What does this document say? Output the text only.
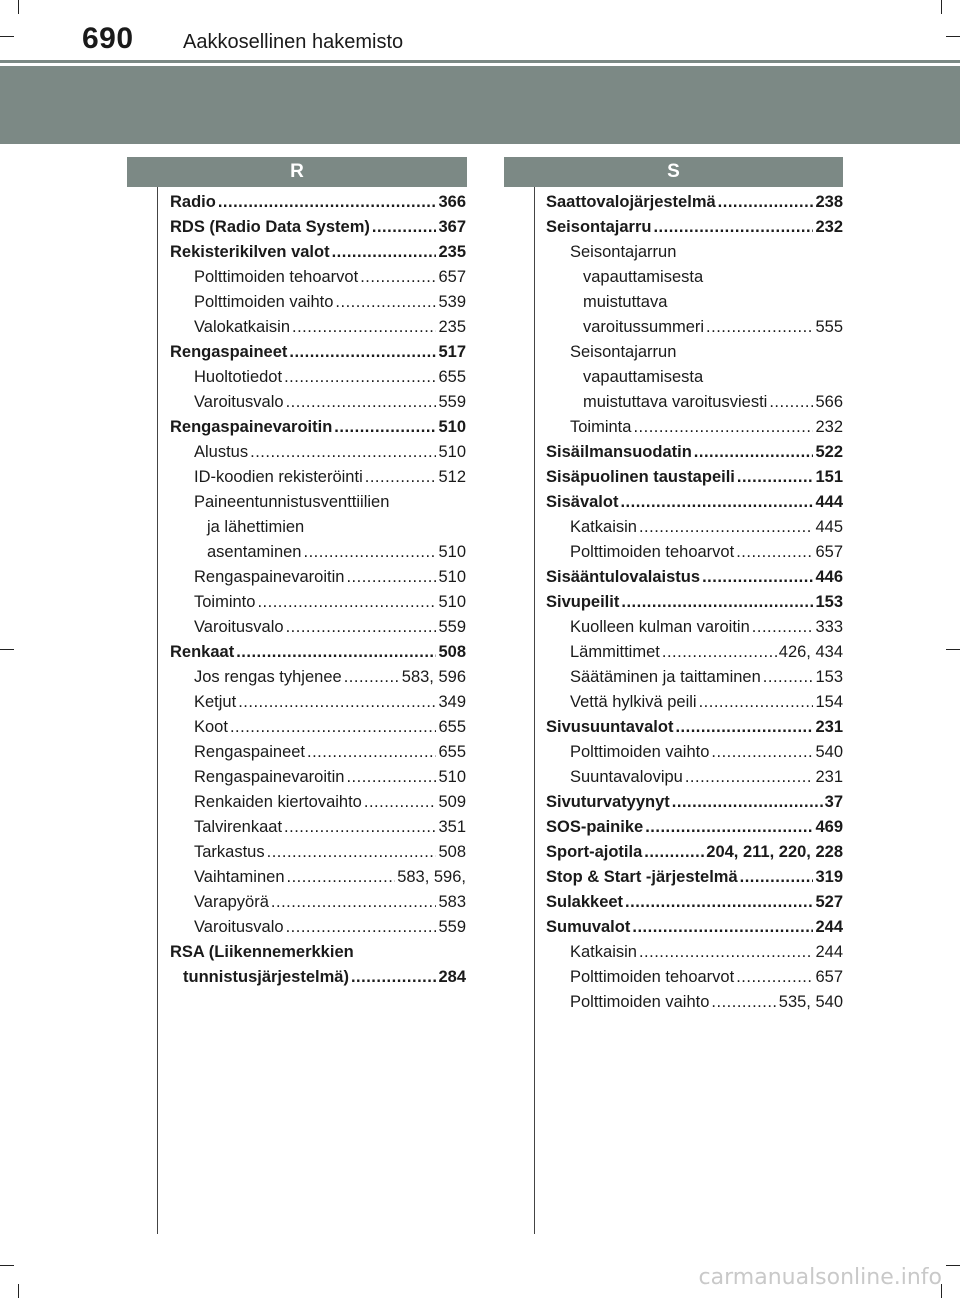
690 Aakkosellinen hakemisto
R	S
Radio .....	366
RDS (Radio Data System) .....	367
Rekisterikilven valot .....	235
Polttimoiden tehoarvot .....	657
Polttimoiden vaihto .....	539
Valokatkaisin .....	235
Rengaspaineet .....	517
Huoltotiedot .....	655
Varoitusvalo .....	559
Rengaspainevaroitin .....	510
Alustus .....	510
ID-koodien rekisteröinti .....	512
Paineentunnistusventtiilien
ja lähettimien
asentaminen .....	510
Rengaspainevaroitin .....	510
Toiminto .....	510
Varoitusvalo .....	559
Renkaat .....	508
Jos rengas tyhjenee .....	583, 596
Ketjut .....	349
Koot .....	655
Rengaspaineet .....	655
Rengaspainevaroitin .....	510
Renkaiden kiertovaihto .....	509
Talvirenkaat .....	351
Tarkastus .....	508
Vaihtaminen .....	583, 596,
Varapyörä .....	583
Varoitusvalo .....	559
RSA (Liikennemerkkien
tunnistusjärjestelmä) .....	284
Saattovalojärjestelmä .....	238
Seisontajarru .....	232
Seisontajarrun
vapauttamisesta
muistuttava
varoitussummeri .....	555
Seisontajarrun
vapauttamisesta
muistuttava varoitusviesti .....	566
Toiminta .....	232
Sisäilmansuodatin .....	522
Sisäpuolinen taustapeili .....	151
Sisävalot .....	444
Katkaisin .....	445
Polttimoiden tehoarvot .....	657
Sisääntulovalaistus .....	446
Sivupeilit .....	153
Kuolleen kulman varoitin .....	333
Lämmittimet .....	426, 434
Säätäminen ja taittaminen .....	153
Vettä hylkivä peili .....	154
Sivusuuntavalot .....	231
Polttimoiden vaihto .....	540
Suuntavalovipu .....	231
Sivuturvatyynyt .....	37
SOS-painike .....	469
Sport-ajotila .....	204, 211, 220, 228
Stop & Start -järjestelmä .....	319
Sulakkeet .....	527
Sumuvalot .....	244
Katkaisin .....	244
Polttimoiden tehoarvot .....	657
Polttimoiden vaihto .....	535, 540
carmanualsonline.info
